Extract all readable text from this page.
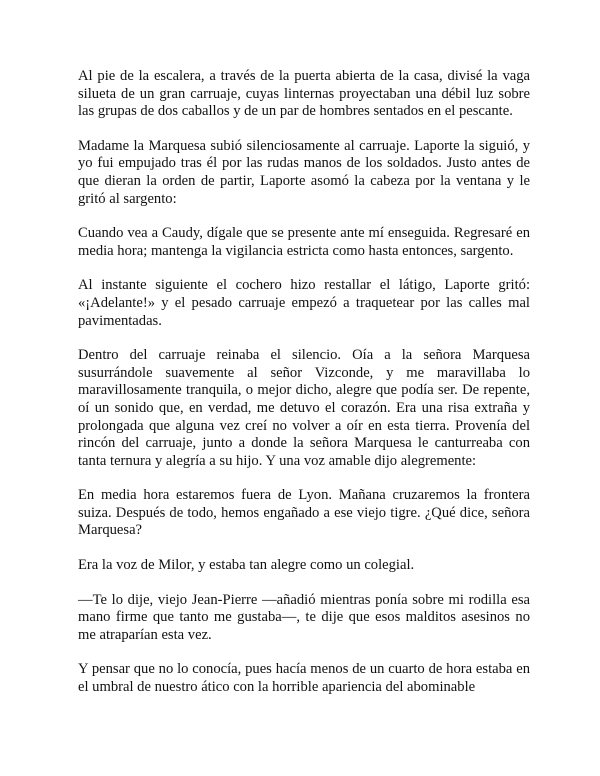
Al pie de la escalera, a través de la puerta abierta de la casa, divisé la vaga silueta de un gran carruaje, cuyas linternas proyectaban una débil luz sobre las grupas de dos caballos y de un par de hombres sentados en el pescante.

Madame la Marquesa subió silenciosamente al carruaje. Laporte la siguió, y yo fui empujado tras él por las rudas manos de los soldados. Justo antes de que dieran la orden de partir, Laporte asomó la cabeza por la ventana y le gritó al sargento:

Cuando vea a Caudy, dígale que se presente ante mí enseguida. Regresaré en media hora; mantenga la vigilancia estricta como hasta entonces, sargento.

Al instante siguiente el cochero hizo restallar el látigo, Laporte gritó: «¡Adelante!» y el pesado carruaje empezó a traquetear por las calles mal pavimentadas.

Dentro del carruaje reinaba el silencio. Oía a la señora Marquesa susurrándole suavemente al señor Vizconde, y me maravillaba lo maravillosamente tranquila, o mejor dicho, alegre que podía ser. De repente, oí un sonido que, en verdad, me detuvo el corazón. Era una risa extraña y prolongada que alguna vez creí no volver a oír en esta tierra. Provenía del rincón del carruaje, junto a donde la señora Marquesa le canturreaba con tanta ternura y alegría a su hijo. Y una voz amable dijo alegremente:

En media hora estaremos fuera de Lyon. Mañana cruzaremos la frontera suiza. Después de todo, hemos engañado a ese viejo tigre. ¿Qué dice, señora Marquesa?

Era la voz de Milor, y estaba tan alegre como un colegial.

—Te lo dije, viejo Jean-Pierre —añadió mientras ponía sobre mi rodilla esa mano firme que tanto me gustaba—, te dije que esos malditos asesinos no me atraparían esta vez.

Y pensar que no lo conocía, pues hacía menos de un cuarto de hora estaba en el umbral de nuestro ático con la horrible apariencia del abominable
